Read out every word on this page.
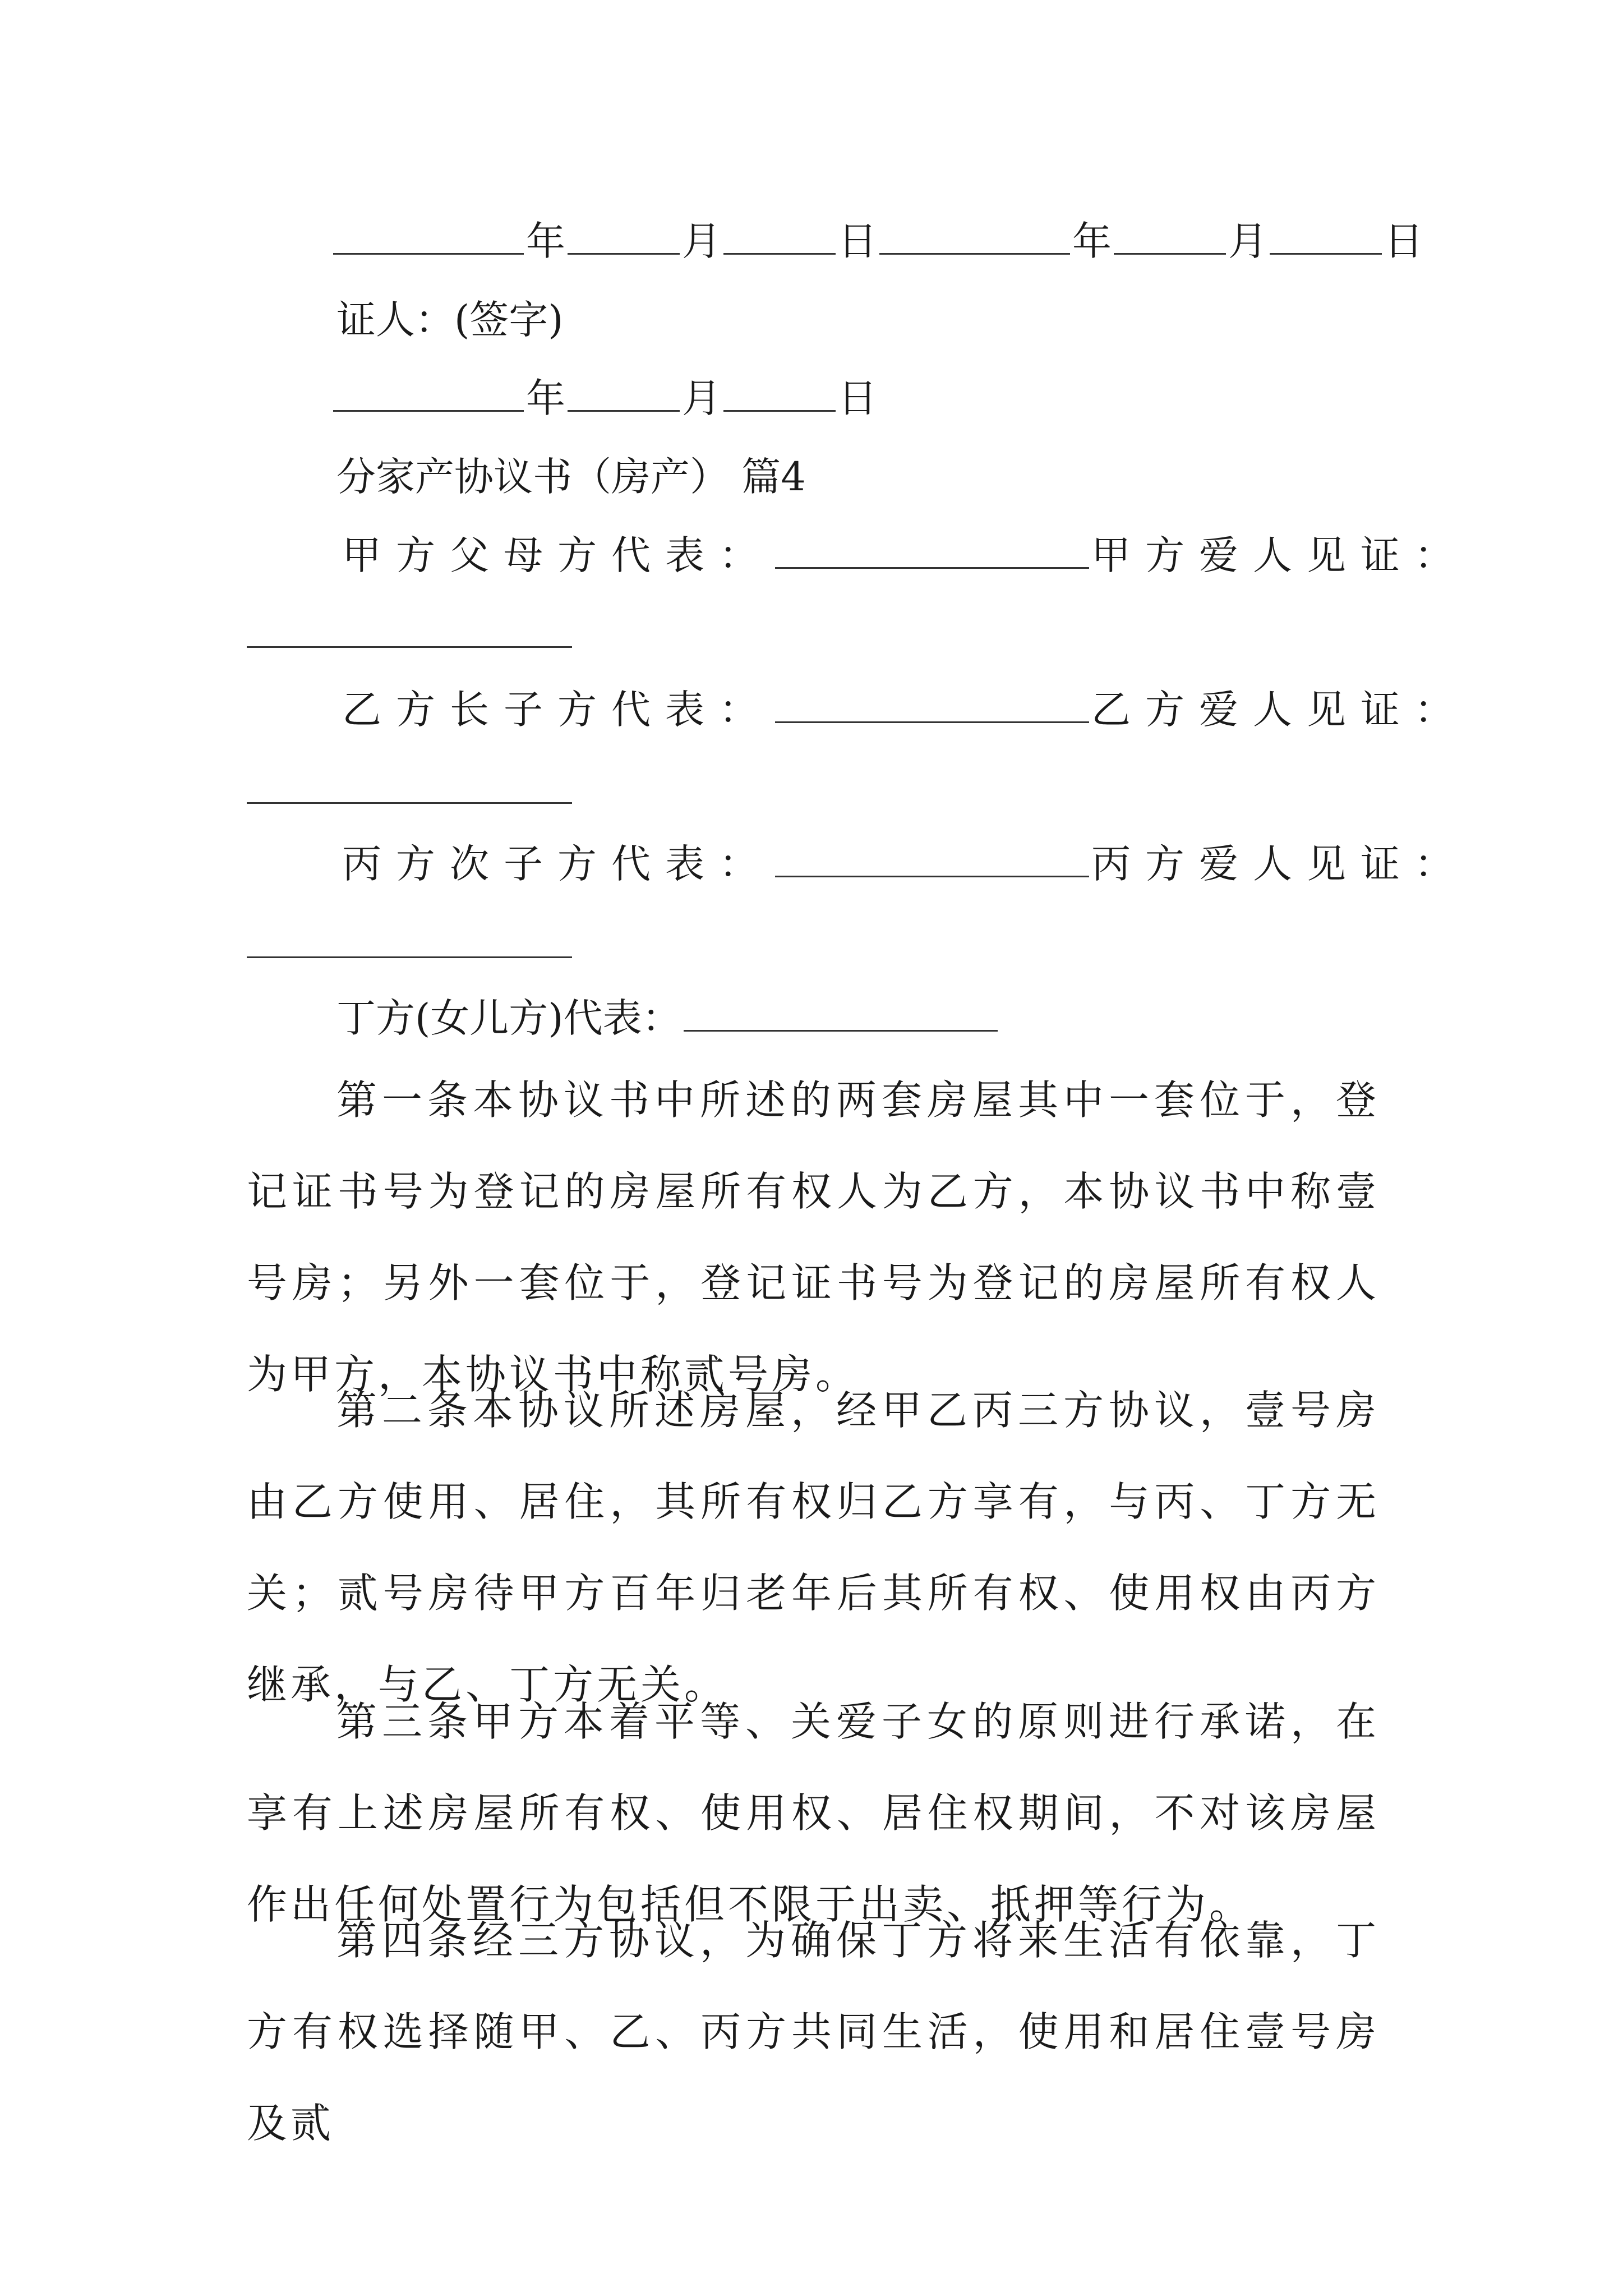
年	月	日	年	月	日
证人：(签字)
年	月	日
分家产协议书（房产） 篇4
甲方父母方代表：	甲方爱人见证：
乙方长子方代表：	乙方爱人见证：
丙方次子方代表：	丙方爱人见证：
丁方(女儿方)代表：
第一条本协议书中所述的两套房屋其中一套位于，登记证书号为登记的房屋所有权人为乙方，本协议书中称壹号房；另外一套位于，登记证书号为登记的房屋所有权人为甲方，本协议书中称贰号房。
第二条本协议所述房屋，经甲乙丙三方协议，壹号房由乙方使用、居住，其所有权归乙方享有，与丙、丁方无关；贰号房待甲方百年归老年后其所有权、使用权由丙方继承，与乙、丁方无关。
第三条甲方本着平等、关爱子女的原则进行承诺，在享有上述房屋所有权、使用权、居住权期间，不对该房屋作出任何处置行为包括但不限于出卖、抵押等行为。
第四条经三方协议，为确保丁方将来生活有依靠，丁方有权选择随甲、乙、丙方共同生活，使用和居住壹号房及贰
